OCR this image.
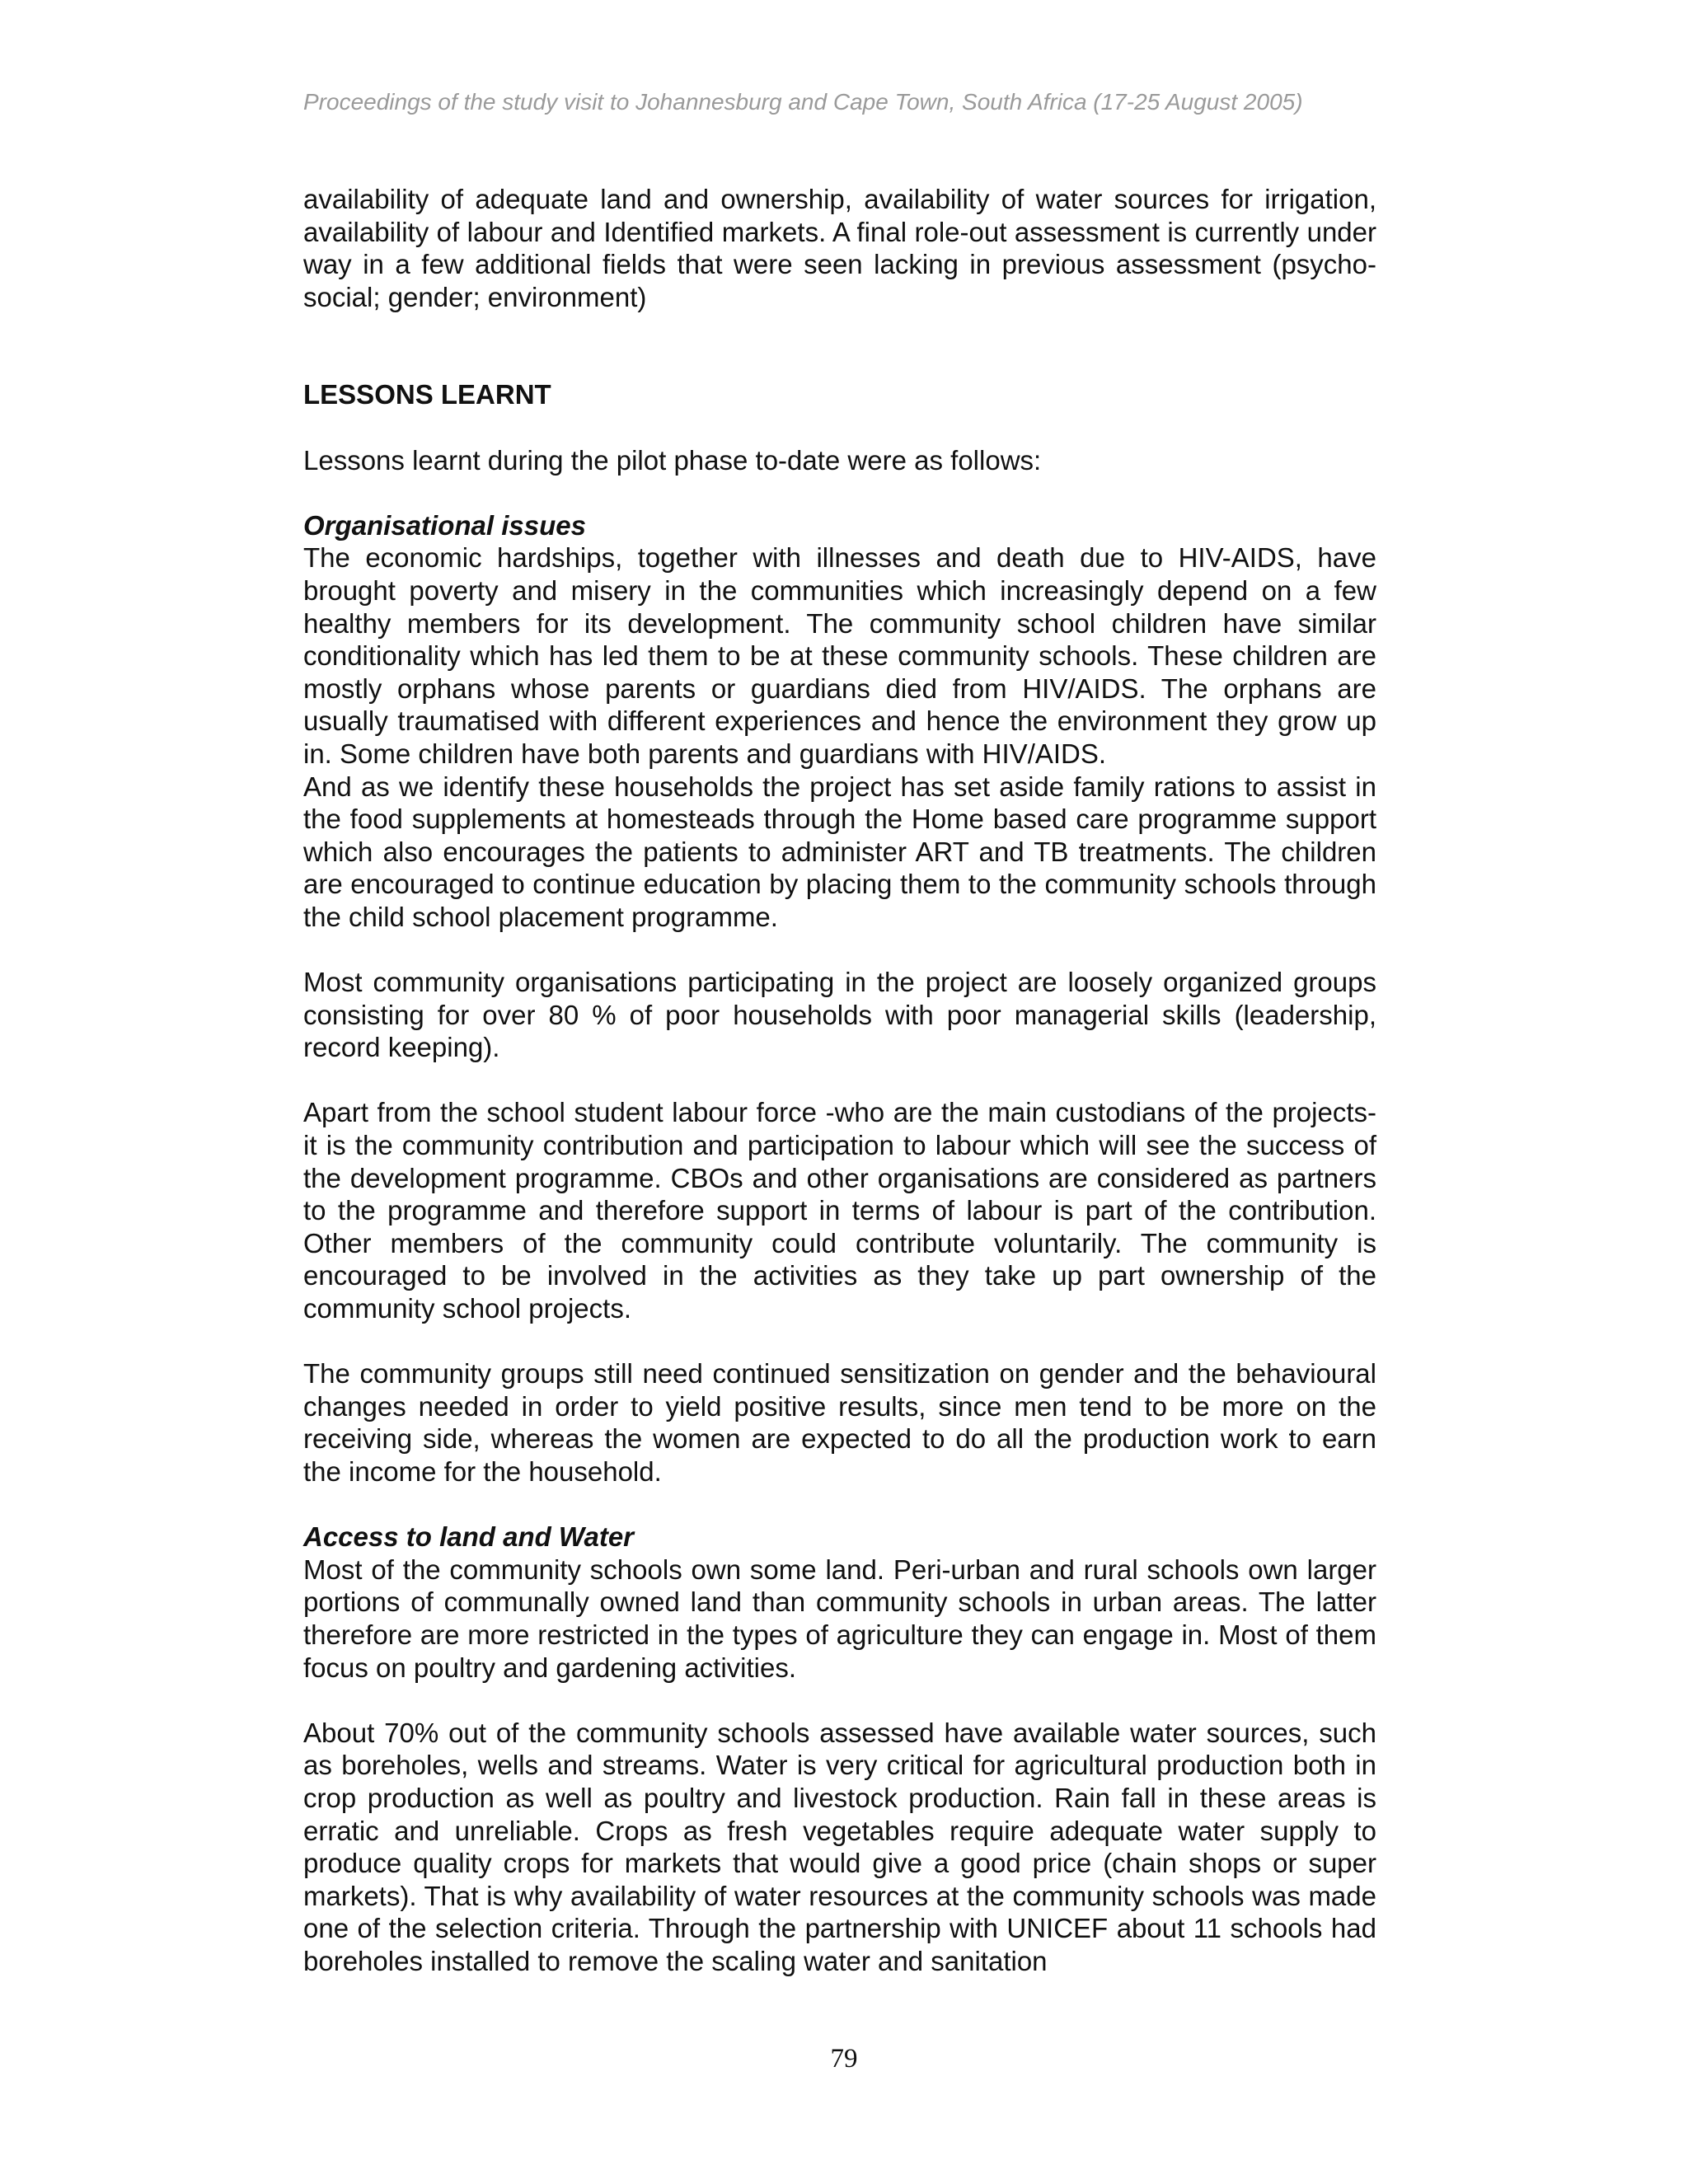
Proceedings of the study visit to Johannesburg and Cape Town, South Africa (17-25 August 2005)

availability of adequate land and ownership, availability of water sources for irrigation, availability of labour and Identified markets. A final role-out assessment is currently under way in a few additional fields that were seen lacking in previous assessment (psycho-social; gender; environment)

LESSONS LEARNT

Lessons learnt during the pilot phase to-date were as follows:

Organisational issues

The economic hardships, together with illnesses and death due to HIV-AIDS, have brought poverty and misery in the communities which increasingly depend on a few healthy members for its development. The community school children have similar conditionality which has led them to be at these community schools. These children are mostly orphans whose parents or guardians died from HIV/AIDS. The orphans are usually traumatised with different experiences and hence the environment they grow up in. Some children have both parents and guardians with HIV/AIDS.

And as we identify these households the project has set aside family rations to assist in the food supplements at homesteads through the Home based care programme support which also encourages the patients to administer ART and TB treatments. The children are encouraged to continue education by placing them to the community schools through the child school placement programme.

Most community organisations participating in the project are loosely organized groups consisting for over 80 % of poor households with poor managerial skills (leadership, record keeping).

Apart from the school student labour force -who are the main custodians of the projects- it is the community contribution and participation to labour which will see the success of the development programme. CBOs and other organisations are considered as partners to the programme and therefore support in terms of labour is part of the contribution. Other members of the community could contribute voluntarily. The community is encouraged to be involved in the activities as they take up part ownership of the community school projects.

The community groups still need continued sensitization on gender and the behavioural changes needed in order to yield positive results, since men tend to be more on the receiving side, whereas the women are expected to do all the production work to earn the income for the household.

Access to land and Water

Most of the community schools own some land. Peri-urban and rural schools own larger portions of communally owned land than community schools in urban areas. The latter therefore are more restricted in the types of agriculture they can engage in. Most of them focus on poultry and gardening activities.

About 70% out of the community schools assessed have available water sources, such as boreholes, wells and streams. Water is very critical for agricultural production both in crop production as well as poultry and livestock production. Rain fall in these areas is erratic and unreliable. Crops as fresh vegetables require adequate water supply to produce quality crops for markets that would give a good price (chain shops or super markets). That is why availability of water resources at the community schools was made one of the selection criteria. Through the partnership with UNICEF about 11 schools had boreholes installed to remove the scaling water and sanitation

79
